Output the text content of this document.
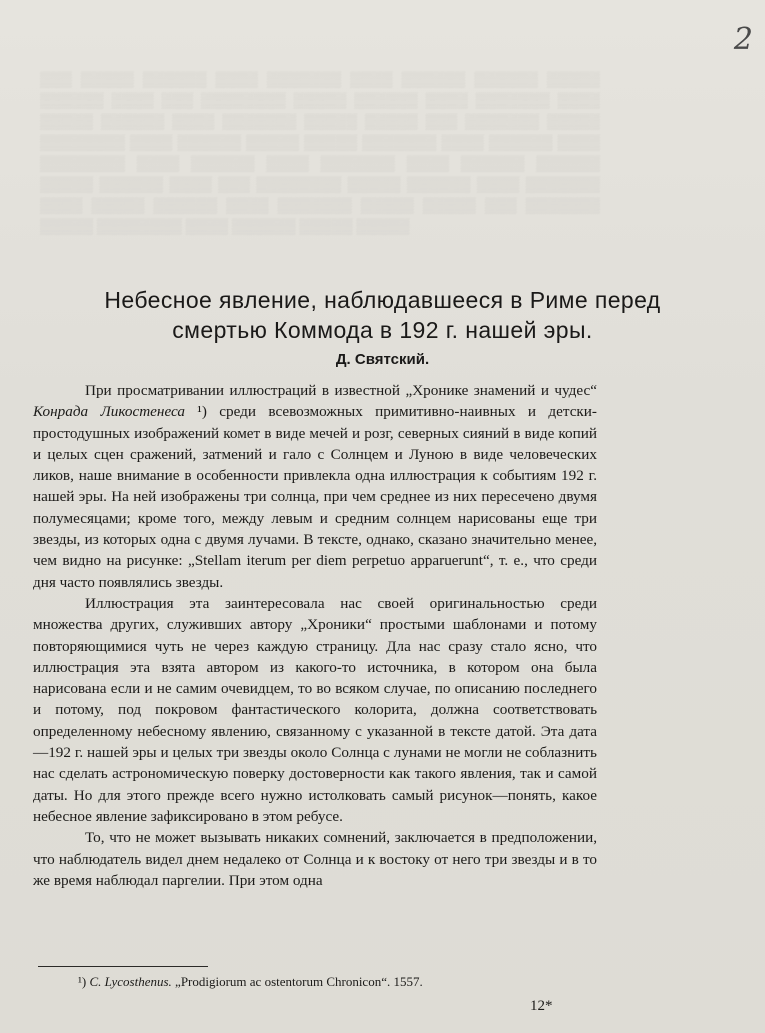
▒▒▒ ▒▒▒▒▒ ▒▒▒▒▒▒ ▒▒▒▒ ▒▒▒▒▒▒▒ ▒▒▒▒ ▒▒▒▒▒▒ ▒▒▒▒▒▒ ▒▒▒▒▒ ▒▒▒▒▒▒ ▒▒▒▒ ▒▒▒ ▒▒▒▒▒▒▒▒ ▒▒▒▒▒ ▒▒▒▒▒▒ ▒▒▒▒ ▒▒▒▒▒▒▒ ▒▒▒▒ ▒▒▒▒▒ ▒▒▒▒▒▒ ▒▒▒▒ ▒▒▒▒▒▒▒ ▒▒▒▒▒ ▒▒▒▒▒ ▒▒▒ ▒▒▒▒▒▒▒ ▒▒▒▒▒ ▒▒▒▒▒▒▒▒ ▒▒▒▒ ▒▒▒▒▒▒ ▒▒▒▒▒ ▒▒▒▒▒ ▒▒▒▒▒▒▒ ▒▒▒▒ ▒▒▒▒▒▒ ▒▒▒▒ ▒▒▒▒▒▒▒▒ ▒▒▒▒ ▒▒▒▒▒▒ ▒▒▒▒ ▒▒▒▒▒▒▒ ▒▒▒▒ ▒▒▒▒▒▒ ▒▒▒▒▒▒ ▒▒▒▒▒ ▒▒▒▒▒▒ ▒▒▒▒ ▒▒▒ ▒▒▒▒▒▒▒▒ ▒▒▒▒▒ ▒▒▒▒▒▒ ▒▒▒▒ ▒▒▒▒▒▒▒ ▒▒▒▒ ▒▒▒▒▒ ▒▒▒▒▒▒ ▒▒▒▒ ▒▒▒▒▒▒▒ ▒▒▒▒▒ ▒▒▒▒▒ ▒▒▒ ▒▒▒▒▒▒▒ ▒▒▒▒▒ ▒▒▒▒▒▒▒▒ ▒▒▒▒ ▒▒▒▒▒▒ ▒▒▒▒▒ ▒▒▒▒▒
2
Небесное явление, наблюдавшееся в Риме перед
смертью Коммода в 192 г. нашей эры.
Д. Святский.

При просматривании иллюстраций в известной „Хронике знамений и чудес“ Конрада Ликостенеса ¹) среди всевозможных примитивно-наивных и детски-простодушных изображений комет в виде мечей и розг, северных сияний в виде копий и целых сцен сражений, затмений и гало с Солнцем и Луною в виде человеческих ликов, наше внимание в особенности привлекла одна иллюстрация к событиям 192 г. нашей эры. На ней изображены три солнца, при чем среднее из них пересечено двумя полумесяцами; кроме того, между левым и средним солнцем нарисованы еще три звезды, из которых одна с двумя лучами. В тексте, однако, сказано значительно менее, чем видно на рисунке: „Stellam iterum per diem perpetuo apparuerunt“, т. е., что среди дня часто появлялись звезды.

Иллюстрация эта заинтересовала нас своей оригинальностью среди множества других, служивших автору „Хроники“ простыми шаблонами и потому повторяющимися чуть не через каждую страницу. Дла нас сразу стало ясно, что иллюстрация эта взята автором из какого-то источника, в котором она была нарисована если и не самим очевидцем, то во всяком случае, по описанию последнего и потому, под покровом фантастического колорита, должна соответствовать определенному небесному явлению, связанному с указанной в тексте датой. Эта дата—192 г. нашей эры и целых три звезды около Солнца с лунами не могли не соблазнить нас сделать астрономическую поверку достоверности как такого явления, так и самой даты. Но для этого прежде всего нужно истолковать самый рисунок—понять, какое небесное явление зафиксировано в этом ребусе.

То, что не может вызывать никаких сомнений, заключается в предположении, что наблюдатель видел днем недалеко от Солнца и к востоку от него три звезды и в то же время наблюдал паргелии. При этом одна

¹) C. Lycosthenus. „Prodigiorum ac ostentorum Chronicon“. 1557.
12*
